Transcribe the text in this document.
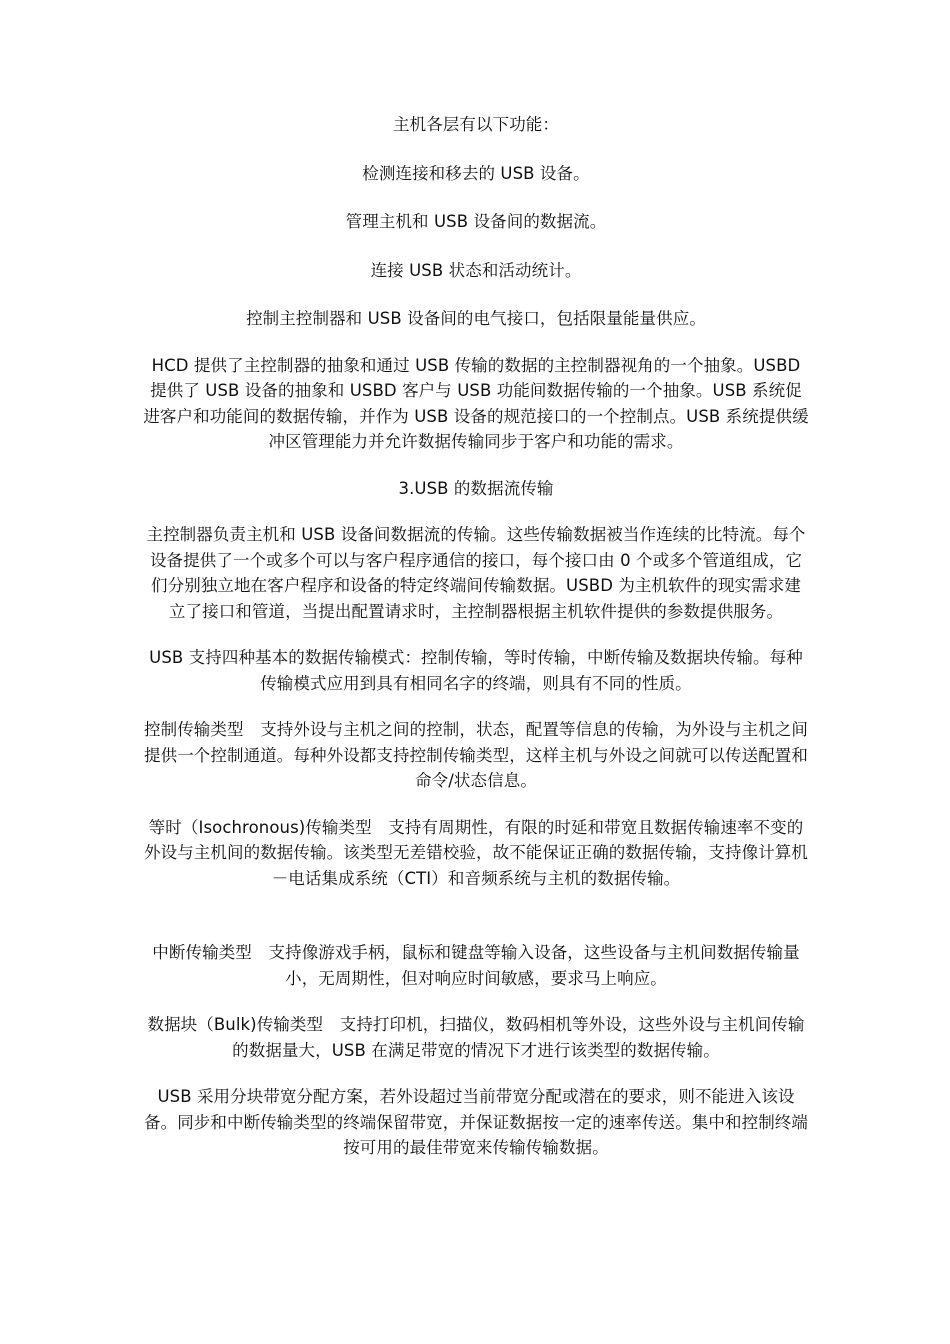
主机各层有以下功能：

检测连接和移去的 USB 设备。

管理主机和 USB 设备间的数据流。

连接 USB 状态和活动统计。

控制主控制器和 USB 设备间的电气接口，包括限量能量供应。

HCD 提供了主控制器的抽象和通过 USB 传输的数据的主控制器视角的一个抽象。USBD 提供了 USB 设备的抽象和 USBD 客户与 USB 功能间数据传输的一个抽象。USB 系统促进客户和功能间的数据传输，并作为 USB 设备的规范接口的一个控制点。USB 系统提供缓冲区管理能力并允许数据传输同步于客户和功能的需求。

3.USB 的数据流传输

主控制器负责主机和 USB 设备间数据流的传输。这些传输数据被当作连续的比特流。每个设备提供了一个或多个可以与客户程序通信的接口，每个接口由 0 个或多个管道组成，它们分别独立地在客户程序和设备的特定终端间传输数据。USBD 为主机软件的现实需求建立了接口和管道，当提出配置请求时，主控制器根据主机软件提供的参数提供服务。

USB 支持四种基本的数据传输模式：控制传输，等时传输，中断传输及数据块传输。每种传输模式应用到具有相同名字的终端，则具有不同的性质。

控制传输类型　支持外设与主机之间的控制，状态，配置等信息的传输，为外设与主机之间提供一个控制通道。每种外设都支持控制传输类型，这样主机与外设之间就可以传送配置和命令/状态信息。

等时（Isochronous)传输类型　支持有周期性，有限的时延和带宽且数据传输速率不变的外设与主机间的数据传输。该类型无差错校验，故不能保证正确的数据传输，支持像计算机－电话集成系统（CTI）和音频系统与主机的数据传输。

中断传输类型　支持像游戏手柄，鼠标和键盘等输入设备，这些设备与主机间数据传输量小，无周期性，但对响应时间敏感，要求马上响应。

数据块（Bulk)传输类型　支持打印机，扫描仪，数码相机等外设，这些外设与主机间传输的数据量大，USB 在满足带宽的情况下才进行该类型的数据传输。

USB 采用分块带宽分配方案，若外设超过当前带宽分配或潜在的要求，则不能进入该设备。同步和中断传输类型的终端保留带宽，并保证数据按一定的速率传送。集中和控制终端按可用的最佳带宽来传输传输数据。
